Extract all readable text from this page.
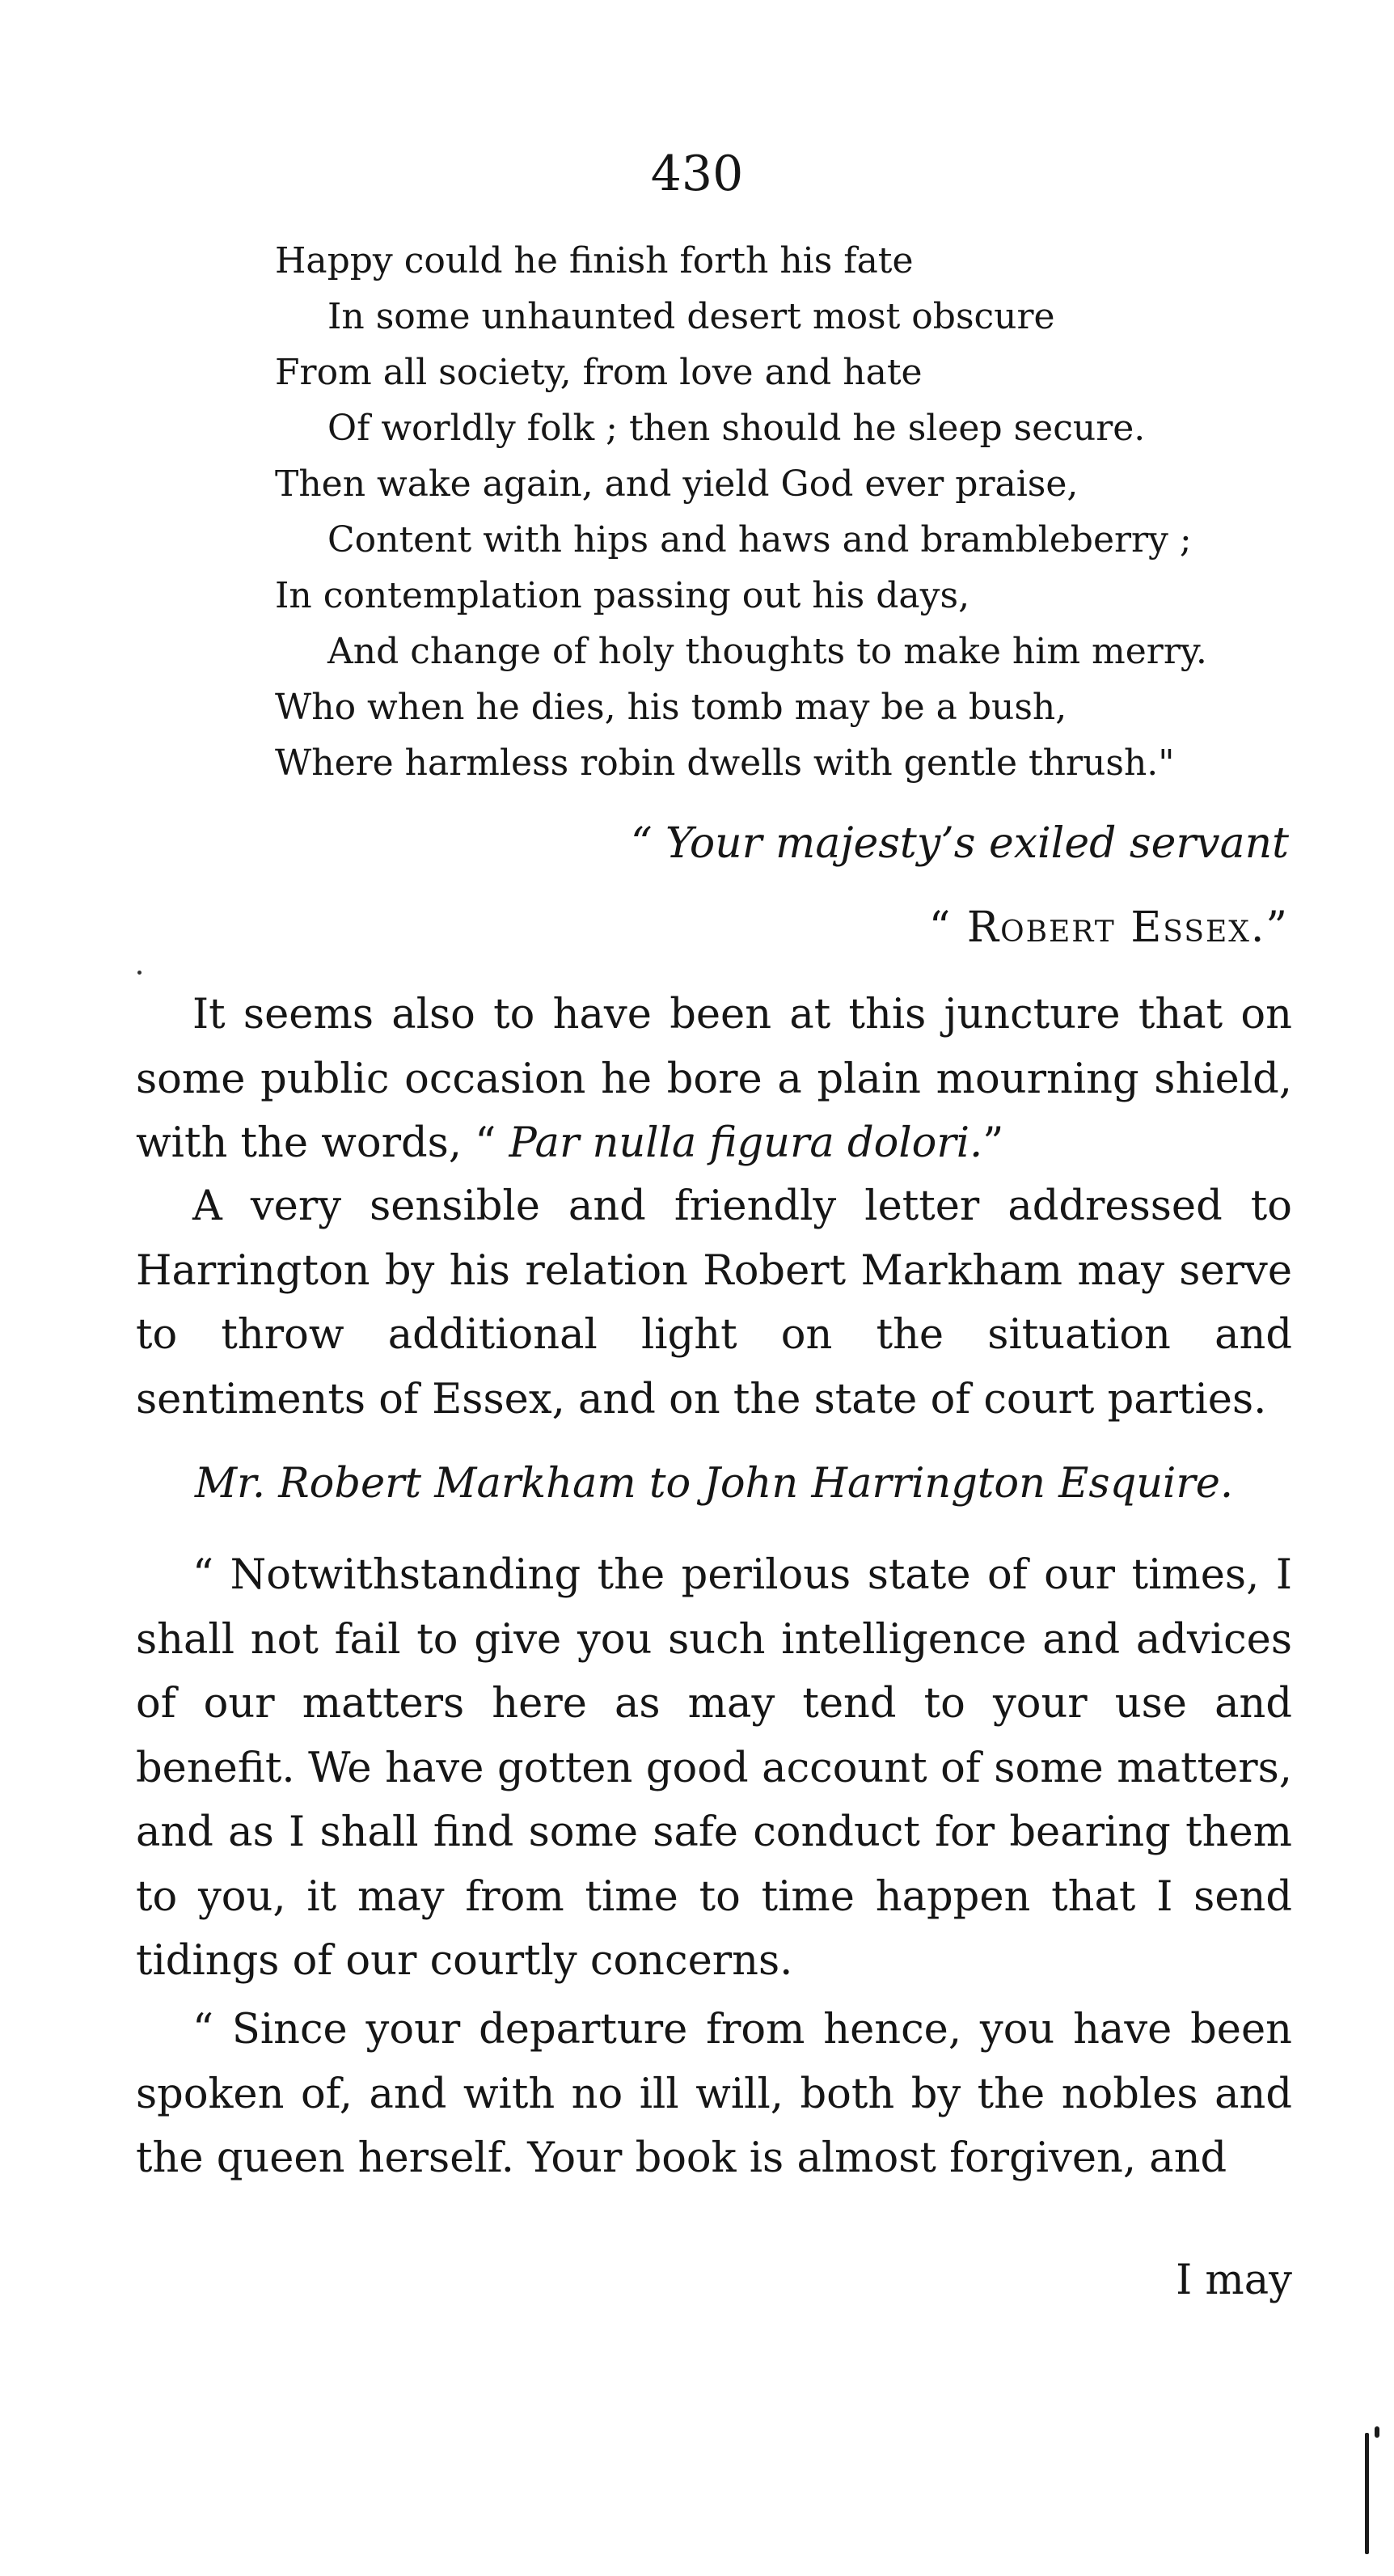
430
Happy could he finish forth his fate
In some unhaunted desert most obscure
From all society, from love and hate
Of worldly folk ; then should he sleep secure.
Then wake again, and yield God ever praise,
Content with hips and haws and brambleberry ;
In contemplation passing out his days,
And change of holy thoughts to make him merry.
Who when he dies, his tomb may be a bush,
Where harmless robin dwells with gentle thrush."
“ Your majesty’s exiled servant
“ Robert Essex.”

It seems also to have been at this juncture that on some public occasion he bore a plain mourning shield, with the words, “ Par nulla figura dolori.”

A very sensible and friendly letter addressed to Harrington by his relation Robert Markham may serve to throw additional light on the situation and sentiments of Essex, and on the state of court parties.

Mr. Robert Markham to John Harrington Esquire.

“ Notwithstanding the perilous state of our times, I shall not fail to give you such intelligence and advices of our matters here as may tend to your use and benefit. We have gotten good account of some matters, and as I shall find some safe conduct for bearing them to you, it may from time to time happen that I send tidings of our courtly concerns.

“ Since your departure from hence, you have been spoken of, and with no ill will, both by the nobles and the queen herself. Your book is almost forgiven, and

I may
